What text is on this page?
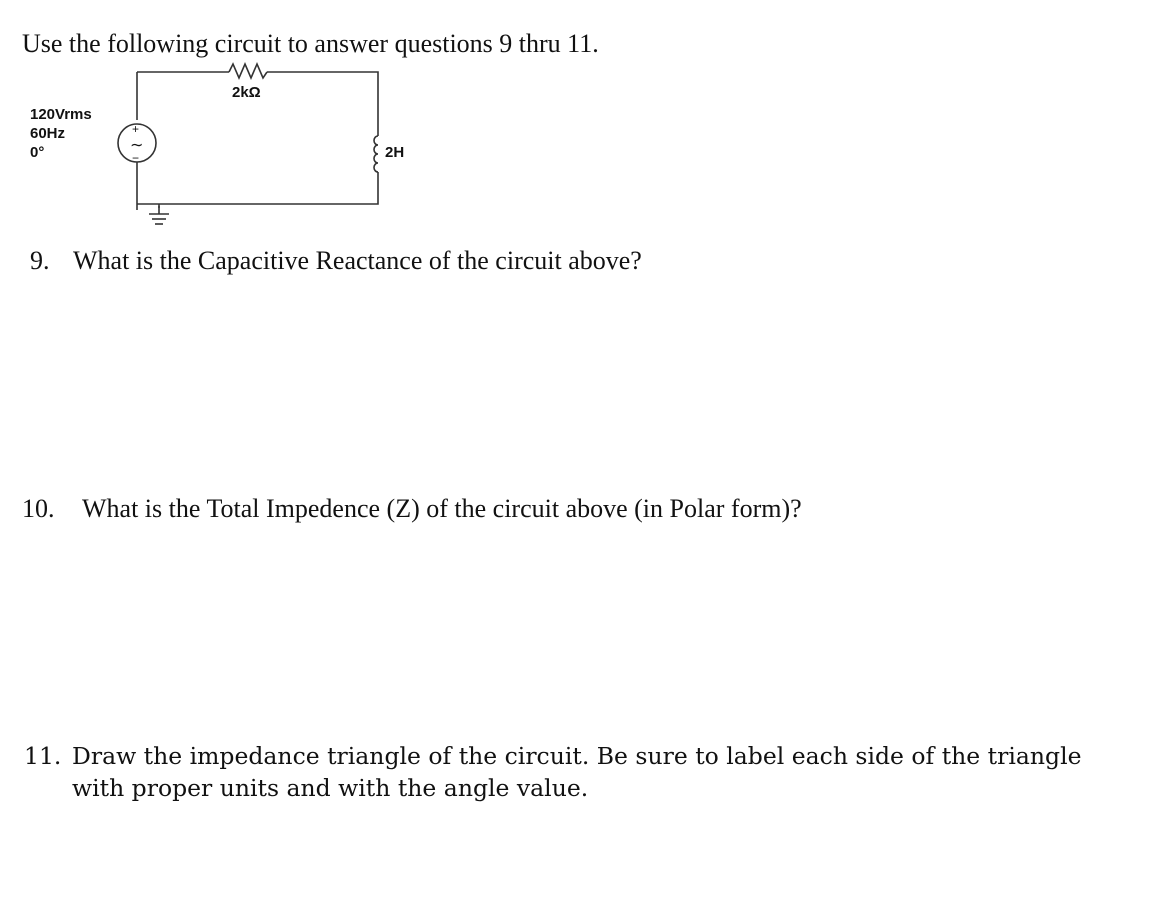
Use the following circuit to answer questions 9 thru 11.
2kΩ
2H
120Vrms
60Hz
0°
+
∼
−
9. What is the Capacitive Reactance of the circuit above?
10. What is the Total Impedence (Z) of the circuit above (in Polar form)?
11. Draw the impedance triangle of the circuit. Be sure to label each side of the triangle with proper units and with the angle value.
